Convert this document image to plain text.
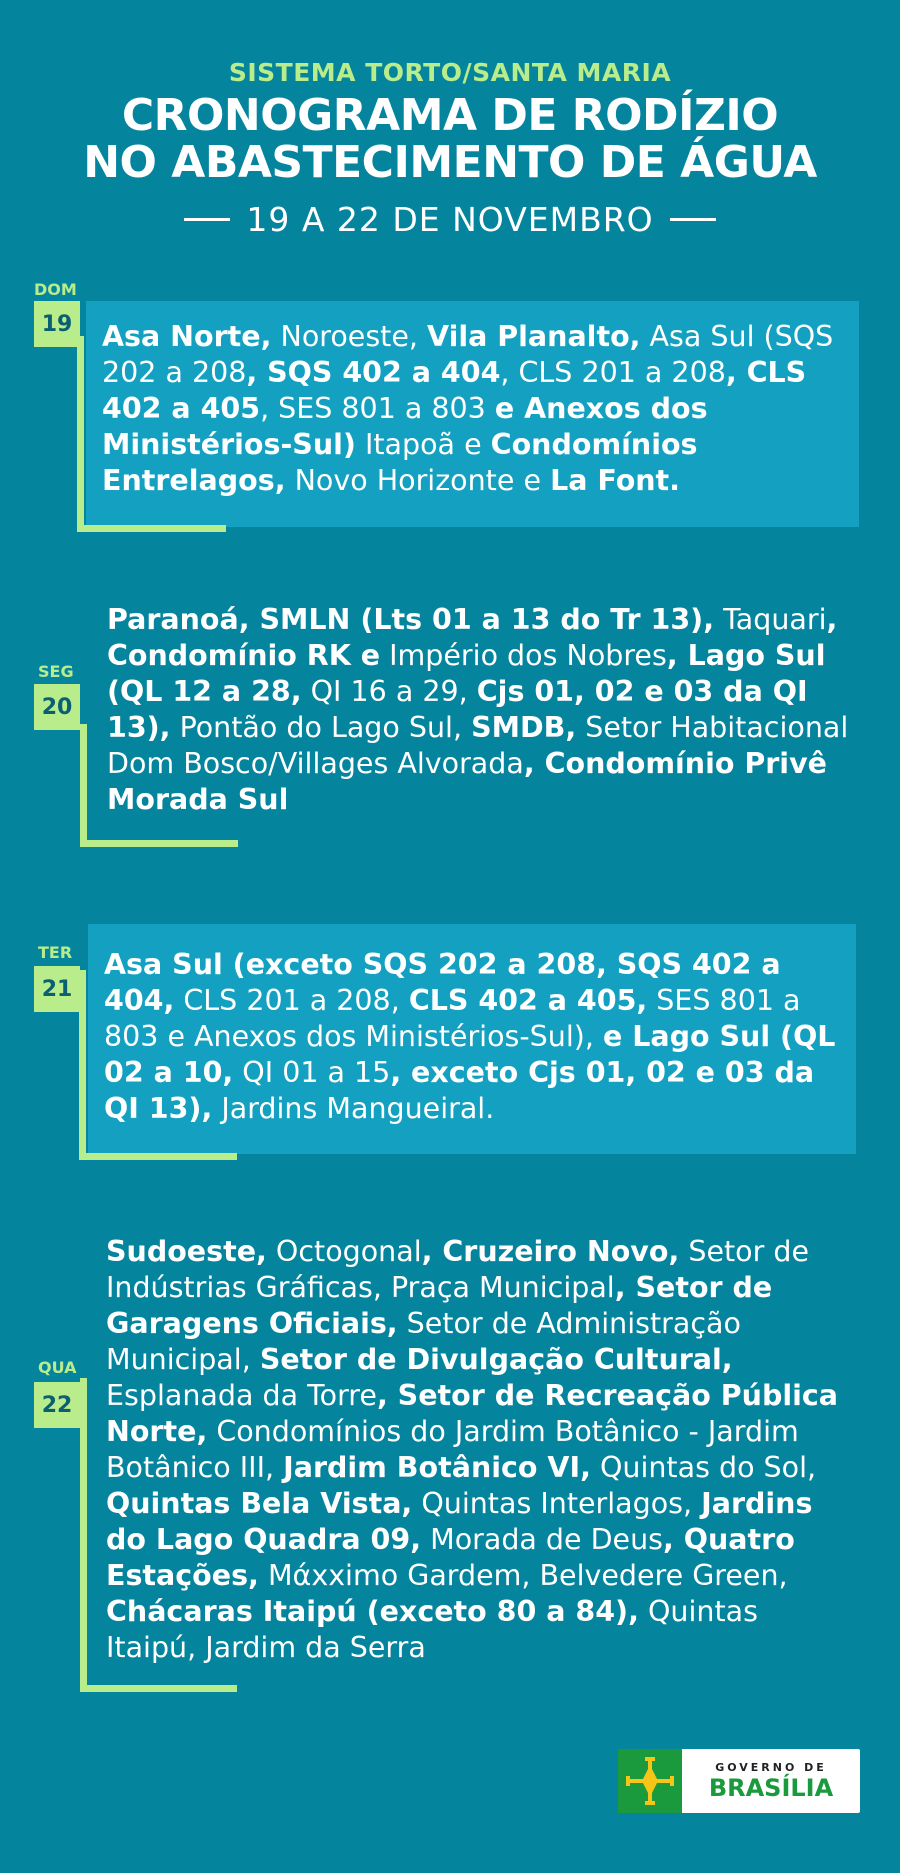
SISTEMA TORTO/SANTA MARIA
CRONOGRAMA DE RODÍZIO
NO ABASTECIMENTO DE ÁGUA
19 A 22 DE NOVEMBRO
DOM
19 Asa Norte, Noroeste, Vila Planalto, Asa Sul (SQS 202 a 208, SQS 402 a 404, CLS 201 a 208, CLS 402 a 405, SES 801 a 803 e Anexos dos Ministérios-Sul) Itapoã e Condomínios Entrelagos, Novo Horizonte e La Font.
SEG
20
Paranoá, SMLN (Lts 01 a 13 do Tr 13), Taquari, Condomínio RK e Império dos Nobres, Lago Sul (QL 12 a 28, QI 16 a 29, Cjs 01, 02 e 03 da QI 13), Pontão do Lago Sul, SMDB, Setor Habitacional Dom Bosco/Villages Alvorada, Condomínio Privê Morada Sul
TER
21
Asa Sul (exceto SQS 202 a 208, SQS 402 a 404, CLS 201 a 208, CLS 402 a 405, SES 801 a 803 e Anexos dos Ministérios-Sul), e Lago Sul (QL 02 a 10, QI 01 a 15, exceto Cjs 01, 02 e 03 da QI 13), Jardins Mangueiral.
QUA
22
Sudoeste, Octogonal, Cruzeiro Novo, Setor de Indústrias Gráficas, Praça Municipal, Setor de Garagens Oficiais, Setor de Administração Municipal, Setor de Divulgação Cultural, Esplanada da Torre, Setor de Recreação Pública Norte, Condomínios do Jardim Botânico - Jardim Botânico III, Jardim Botânico VI, Quintas do Sol, Quintas Bela Vista, Quintas Interlagos, Jardins do Lago Quadra 09, Morada de Deus, Quatro Estações, Mάxximo Gardem, Belvedere Green, Chácaras Itaipú (exceto 80 a 84), Quintas Itaipú, Jardim da Serra
GOVERNO DE
BRASÍLIA
